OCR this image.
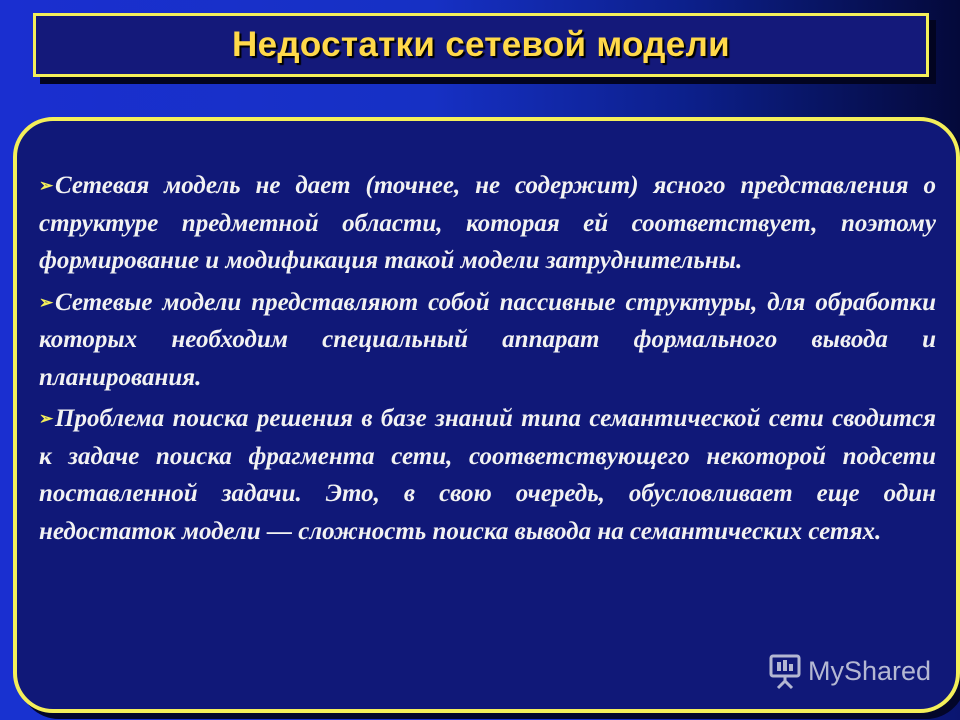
Недостатки сетевой модели

➢Сетевая модель не дает (точнее, не содержит) ясного представления о структуре предметной области, которая ей соответствует, поэтому формирование и модификация такой модели затруднительны.

➢Сетевые модели представляют собой пассивные структуры, для обработки которых необходим специальный аппарат формального вывода и планирования.

➢Проблема поиска решения в базе знаний типа семантической сети сводится к задаче поиска фрагмента сети, соответствующего некоторой подсети поставленной задачи. Это, в свою очередь, обусловливает еще один недостаток модели — сложность поиска вывода на семантических сетях.

MyShared
